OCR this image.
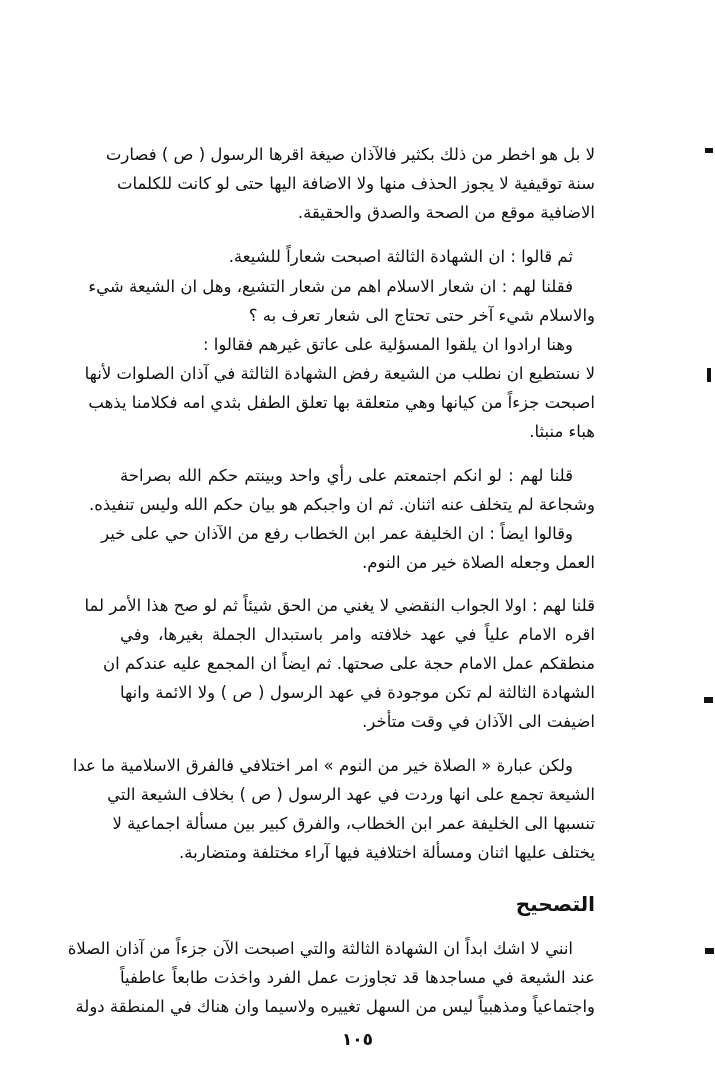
لا بل هو اخطر من ذلك بكثير فالآذان صيغة اقرها الرسول ( ص ) فصارت
سنة توقيفية لا يجوز الحذف منها ولا الاضافة اليها حتى لو كانت للكلمات
الاضافية موقع من الصحة والصدق والحقيقة.
ثم قالوا : ان الشهادة الثالثة اصبحت شعاراً للشيعة.
فقلنا لهم : ان شعار الاسلام اهم من شعار التشيع، وهل ان الشيعة شيء
والاسلام شيء آخر حتى تحتاج الى شعار تعرف به ؟
وهنا ارادوا ان يلقوا المسؤلية على عاتق غيرهم فقالوا :
لا نستطيع ان نطلب من الشيعة رفض الشهادة الثالثة في آذان الصلوات لأنها
اصبحت جزءاً من كيانها وهي متعلقة بها تعلق الطفل بثدي امه فكلامنا يذهب
هباء منبثا.
قلنا لهم : لو انكم اجتمعتم على رأي واحد وبينتم حكم الله بصراحة
وشجاعة لم يتخلف عنه اثنان. ثم ان واجبكم هو بيان حكم الله وليس تنفيذه.
وقالوا ايضاً : ان الخليفة عمر ابن الخطاب رفع من الآذان حي على خير
العمل وجعله الصلاة خير من النوم.
قلنا لهم : اولا الجواب النقضي لا يغني من الحق شيئاً ثم لو صح هذا الأمر لما
اقره الامام علياً في عهد خلافته وامر باستبدال الجملة بغيرها، وفي
منطقكم عمل الامام حجة على صحتها. ثم ايضاً ان المجمع عليه عندكم ان
الشهادة الثالثة لم تكن موجودة في عهد الرسول ( ص ) ولا الائمة وانها
اضيفت الى الآذان في وقت متأخر.
ولكن عبارة « الصلاة خير من النوم » امر اختلافي فالفرق الاسلامية ما عدا
الشيعة تجمع على انها وردت في عهد الرسول ( ص ) بخلاف الشيعة التي
تنسبها الى الخليفة عمر ابن الخطاب، والفرق كبير بين مسألة اجماعية لا
يختلف عليها اثنان ومسألة اختلافية فيها آراء مختلفة ومتضاربة.
التصحيح
انني لا اشك ابداً ان الشهادة الثالثة والتي اصبحت الآن جزءاً من آذان الصلاة
عند الشيعة في مساجدها قد تجاوزت عمل الفرد واخذت طابعاً عاطفياً
واجتماعياً ومذهبياً ليس من السهل تغييره ولاسيما وان هناك في المنطقة دولة
١٠٥
